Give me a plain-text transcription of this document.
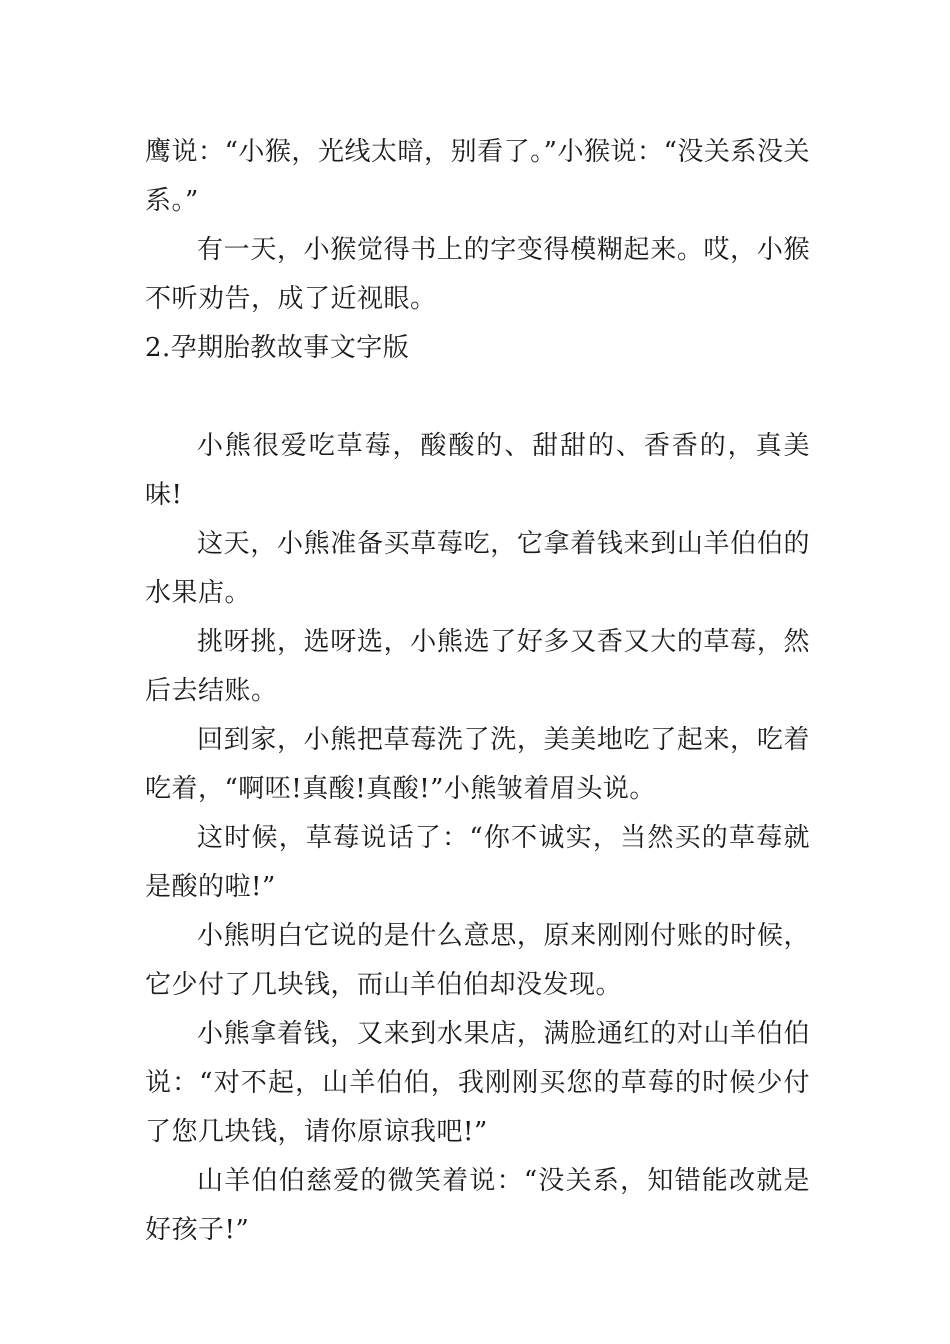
鹰说：“小猴，光线太暗，别看了。”小猴说：“没关系没关系。”

有一天，小猴觉得书上的字变得模糊起来。哎，小猴不听劝告，成了近视眼。

2.孕期胎教故事文字版

小熊很爱吃草莓，酸酸的、甜甜的、香香的，真美味!

这天，小熊准备买草莓吃，它拿着钱来到山羊伯伯的水果店。

挑呀挑，选呀选，小熊选了好多又香又大的草莓，然后去结账。

回到家，小熊把草莓洗了洗，美美地吃了起来，吃着吃着，“啊呸!真酸!真酸!”小熊皱着眉头说。

这时候，草莓说话了：“你不诚实，当然买的草莓就是酸的啦!”

小熊明白它说的是什么意思，原来刚刚付账的时候，它少付了几块钱，而山羊伯伯却没发现。

小熊拿着钱，又来到水果店，满脸通红的对山羊伯伯说：“对不起，山羊伯伯，我刚刚买您的草莓的时候少付了您几块钱，请你原谅我吧!”

山羊伯伯慈爱的微笑着说：“没关系，知错能改就是好孩子!”
